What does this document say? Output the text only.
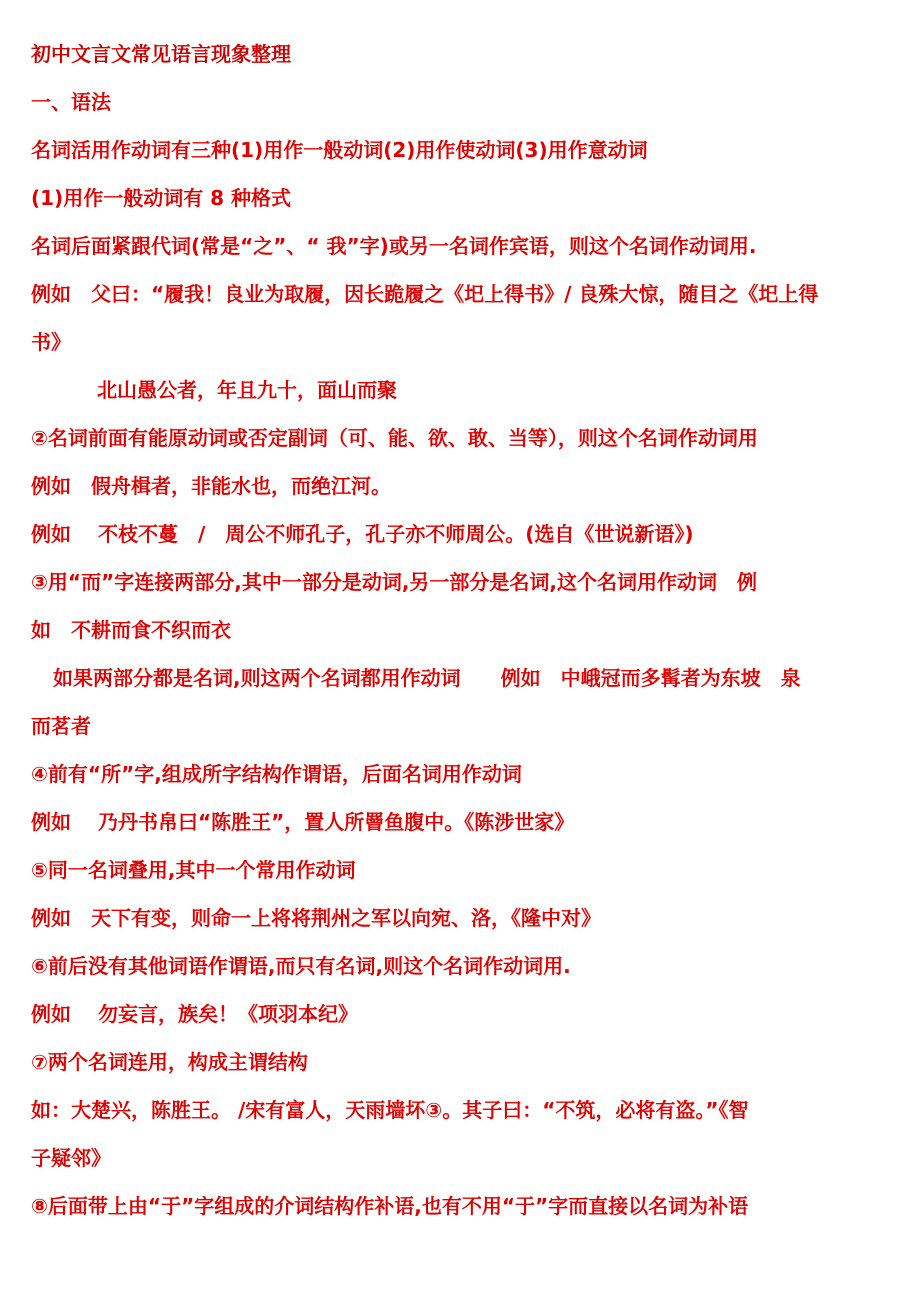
初中文言文常见语言现象整理
一、语法
名词活用作动词有三种(1)用作一般动词(2)用作使动词(3)用作意动词
(1)用作一般动词有 8 种格式
名词后面紧跟代词(常是“之”、“ 我”字)或另一名词作宾语，则这个名词作动词用.
例如　父曰：“履我！良业为取履，因长跪履之《圯上得书》/ 良殊大惊，随目之《圯上得
书》
北山愚公者，年且九十，面山而聚
②名词前面有能原动词或否定副词（可、能、欲、敢、当等），则这个名词作动词用
例如　假舟楫者，非能水也，而绝江河。
例如　 不枝不蔓　/　周公不师孔子，孔子亦不师周公。(选自《世说新语》)
③用“而”字连接两部分,其中一部分是动词,另一部分是名词,这个名词用作动词　例
如　不耕而食不织而衣
如果两部分都是名词,则这两个名词都用作动词　　例如　中峨冠而多髯者为东坡　泉
而茗者
④前有“所”字,组成所字结构作谓语，后面名词用作动词
例如　 乃丹书帛曰“陈胜王”，置人所罾鱼腹中。《陈涉世家》
⑤同一名词叠用,其中一个常用作动词
例如　天下有变，则命一上将将荆州之军以向宛、洛，《隆中对》
⑥前后没有其他词语作谓语,而只有名词,则这个名词作动词用.
例如　 勿妄言，族矣！《项羽本纪》
⑦两个名词连用，构成主谓结构
如：大楚兴，陈胜王。 /宋有富人，天雨墙坏③。其子曰：“不筑，必将有盗。”《智
子疑邻》
⑧后面带上由“于”字组成的介词结构作补语,也有不用“于”字而直接以名词为补语
